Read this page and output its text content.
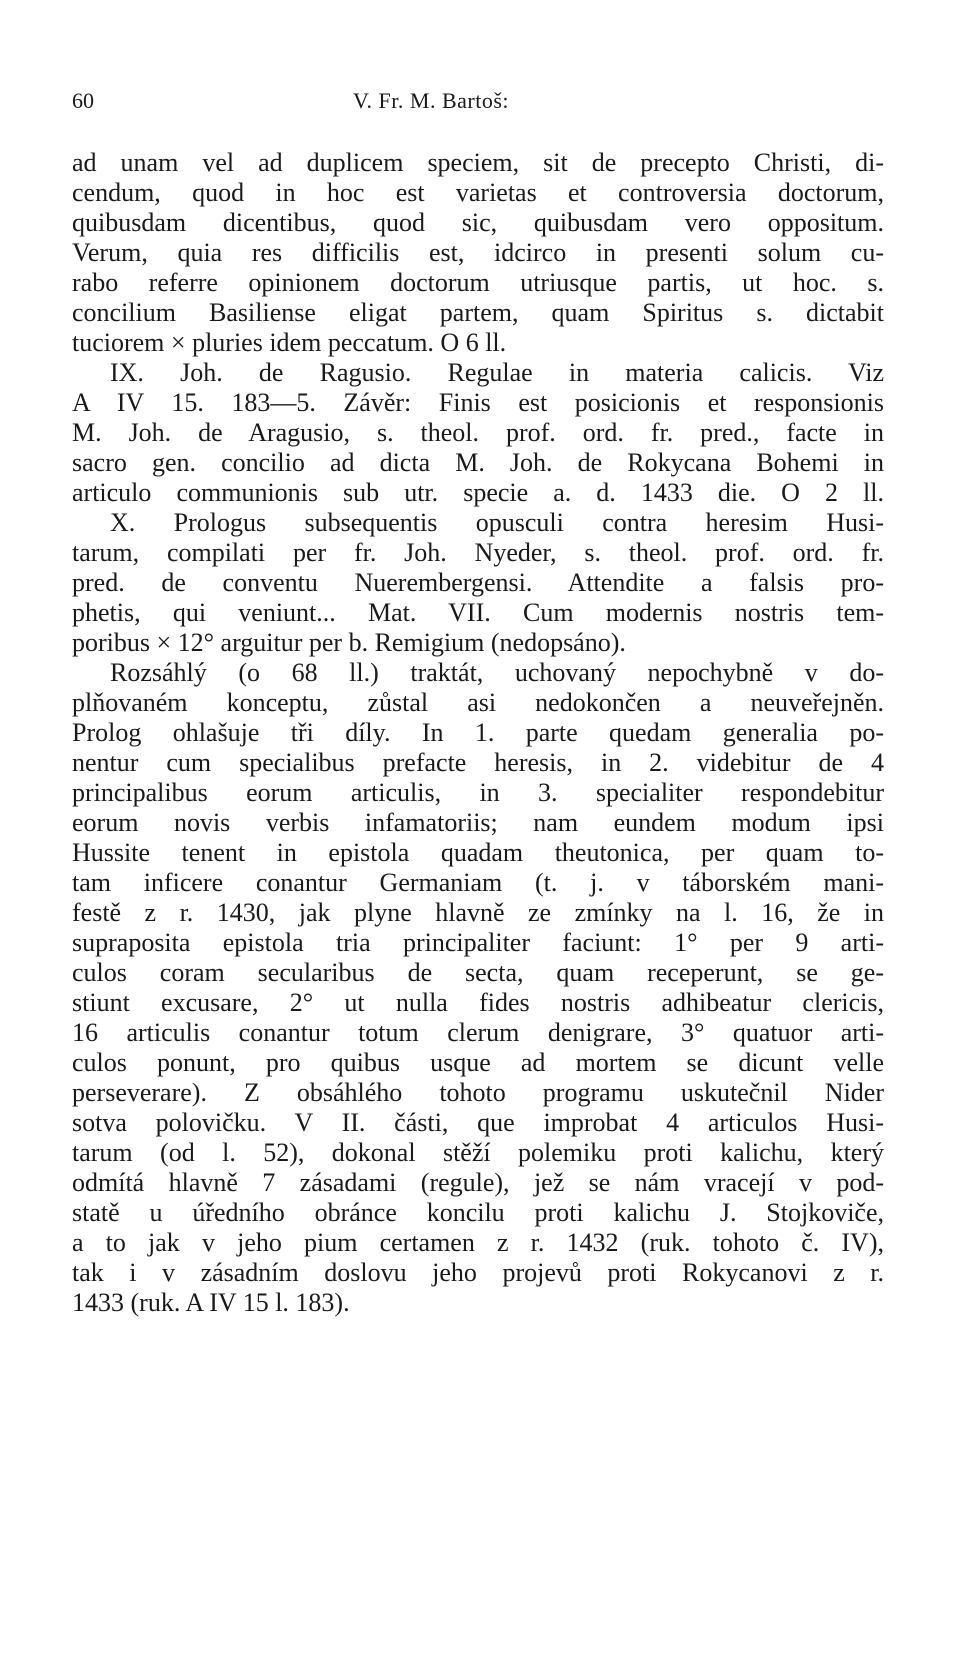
60	V. Fr. M. Bartoš:
ad unam vel ad duplicem speciem, sit de precepto Christi, di-
cendum, quod in hoc est varietas et controversia doctorum,
quibusdam dicentibus, quod sic, quibusdam vero oppositum.
Verum, quia res difficilis est, idcirco in presenti solum cu-
rabo referre opinionem doctorum utriusque partis, ut hoc. s.
concilium Basiliense eligat partem, quam Spiritus s. dictabit
tuciorem × pluries idem peccatum. O 6 ll.
IX. Joh. de Ragusio. Regulae in materia calicis. Viz
A IV 15. 183—5. Závěr: Finis est posicionis et responsionis
M. Joh. de Aragusio, s. theol. prof. ord. fr. pred., facte in
sacro gen. concilio ad dicta M. Joh. de Rokycana Bohemi in
articulo communionis sub utr. specie a. d. 1433 die. O 2 ll.
X. Prologus subsequentis opusculi contra heresim Husi-
tarum, compilati per fr. Joh. Nyeder, s. theol. prof. ord. fr.
pred. de conventu Nuerembergensi. Attendite a falsis pro-
phetis, qui veniunt... Mat. VII. Cum modernis nostris tem-
poribus × 12° arguitur per b. Remigium (nedopsáno).
Rozsáhlý (o 68 ll.) traktát, uchovaný nepochybně v do-
plňovaném konceptu, zůstal asi nedokončen a neuveřejněn.
Prolog ohlašuje tři díly. In 1. parte quedam generalia po-
nentur cum specialibus prefacte heresis, in 2. videbitur de 4
principalibus eorum articulis, in 3. specialiter respondebitur
eorum novis verbis infamatoriis; nam eundem modum ipsi
Hussite tenent in epistola quadam theutonica, per quam to-
tam inficere conantur Germaniam (t. j. v táborském mani-
festě z r. 1430, jak plyne hlavně ze zmínky na l. 16, že in
supraposita epistola tria principaliter faciunt: 1° per 9 arti-
culos coram secularibus de secta, quam receperunt, se ge-
stiunt excusare, 2° ut nulla fides nostris adhibeatur clericis,
16 articulis conantur totum clerum denigrare, 3° quatuor arti-
culos ponunt, pro quibus usque ad mortem se dicunt velle
perseverare). Z obsáhlého tohoto programu uskutečnil Nider
sotva polovičku. V II. části, que improbat 4 articulos Husi-
tarum (od l. 52), dokonal stěží polemiku proti kalichu, který
odmítá hlavně 7 zásadami (regule), jež se nám vracejí v pod-
statě u úředního obránce koncilu proti kalichu J. Stojkoviče,
a to jak v jeho pium certamen z r. 1432 (ruk. tohoto č. IV),
tak i v zásadním doslovu jeho projevů proti Rokycanovi z r.
1433 (ruk. A IV 15 l. 183).
